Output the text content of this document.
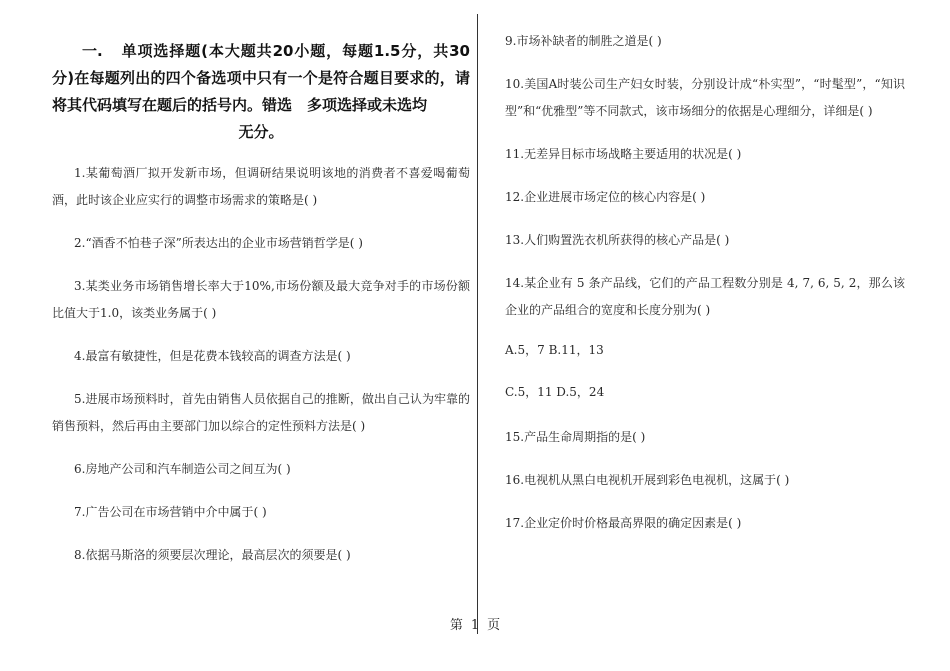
一. 单项选择题(本大题共20小题，每题1.5分，共30分)在每题列出的四个备选项中只有一个是符合题目要求的，请将其代码填写在题后的括号内。错选　多项选择或未选均
无分。

1.某葡萄酒厂拟开发新市场，但调研结果说明该地的消费者不喜爱喝葡萄酒，此时该企业应实行的调整市场需求的策略是( )

2.“酒香不怕巷子深”所表达出的企业市场营销哲学是( )

3.某类业务市场销售增长率大于10%,市场份额及最大竞争对手的市场份额比值大于1.0，该类业务属于( )

4.最富有敏捷性，但是花费本钱较高的调查方法是( )

5.进展市场预料时，首先由销售人员依据自己的推断，做出自己认为牢靠的销售预料，然后再由主要部门加以综合的定性预料方法是( )

6.房地产公司和汽车制造公司之间互为( )

7.广告公司在市场营销中介中属于( )

8.依据马斯洛的须要层次理论，最高层次的须要是( )

9.市场补缺者的制胜之道是( )

10.美国A时装公司生产妇女时装，分别设计成“朴实型”，“时髦型”，“知识型”和“优雅型”等不同款式，该市场细分的依据是心理细分，详细是( )

11.无差异目标市场战略主要适用的状况是( )

12.企业进展市场定位的核心内容是( )

13.人们购置洗衣机所获得的核心产品是( )

14.某企业有 5 条产品线，它们的产品工程数分别是 4, 7, 6, 5, 2，那么该企业的产品组合的宽度和长度分别为( )

A.5，7 B.11，13

C.5，11 D.5，24

15.产品生命周期指的是( )

16.电视机从黑白电视机开展到彩色电视机，这属于( )

17.企业定价时价格最高界限的确定因素是( )

第 1 页
